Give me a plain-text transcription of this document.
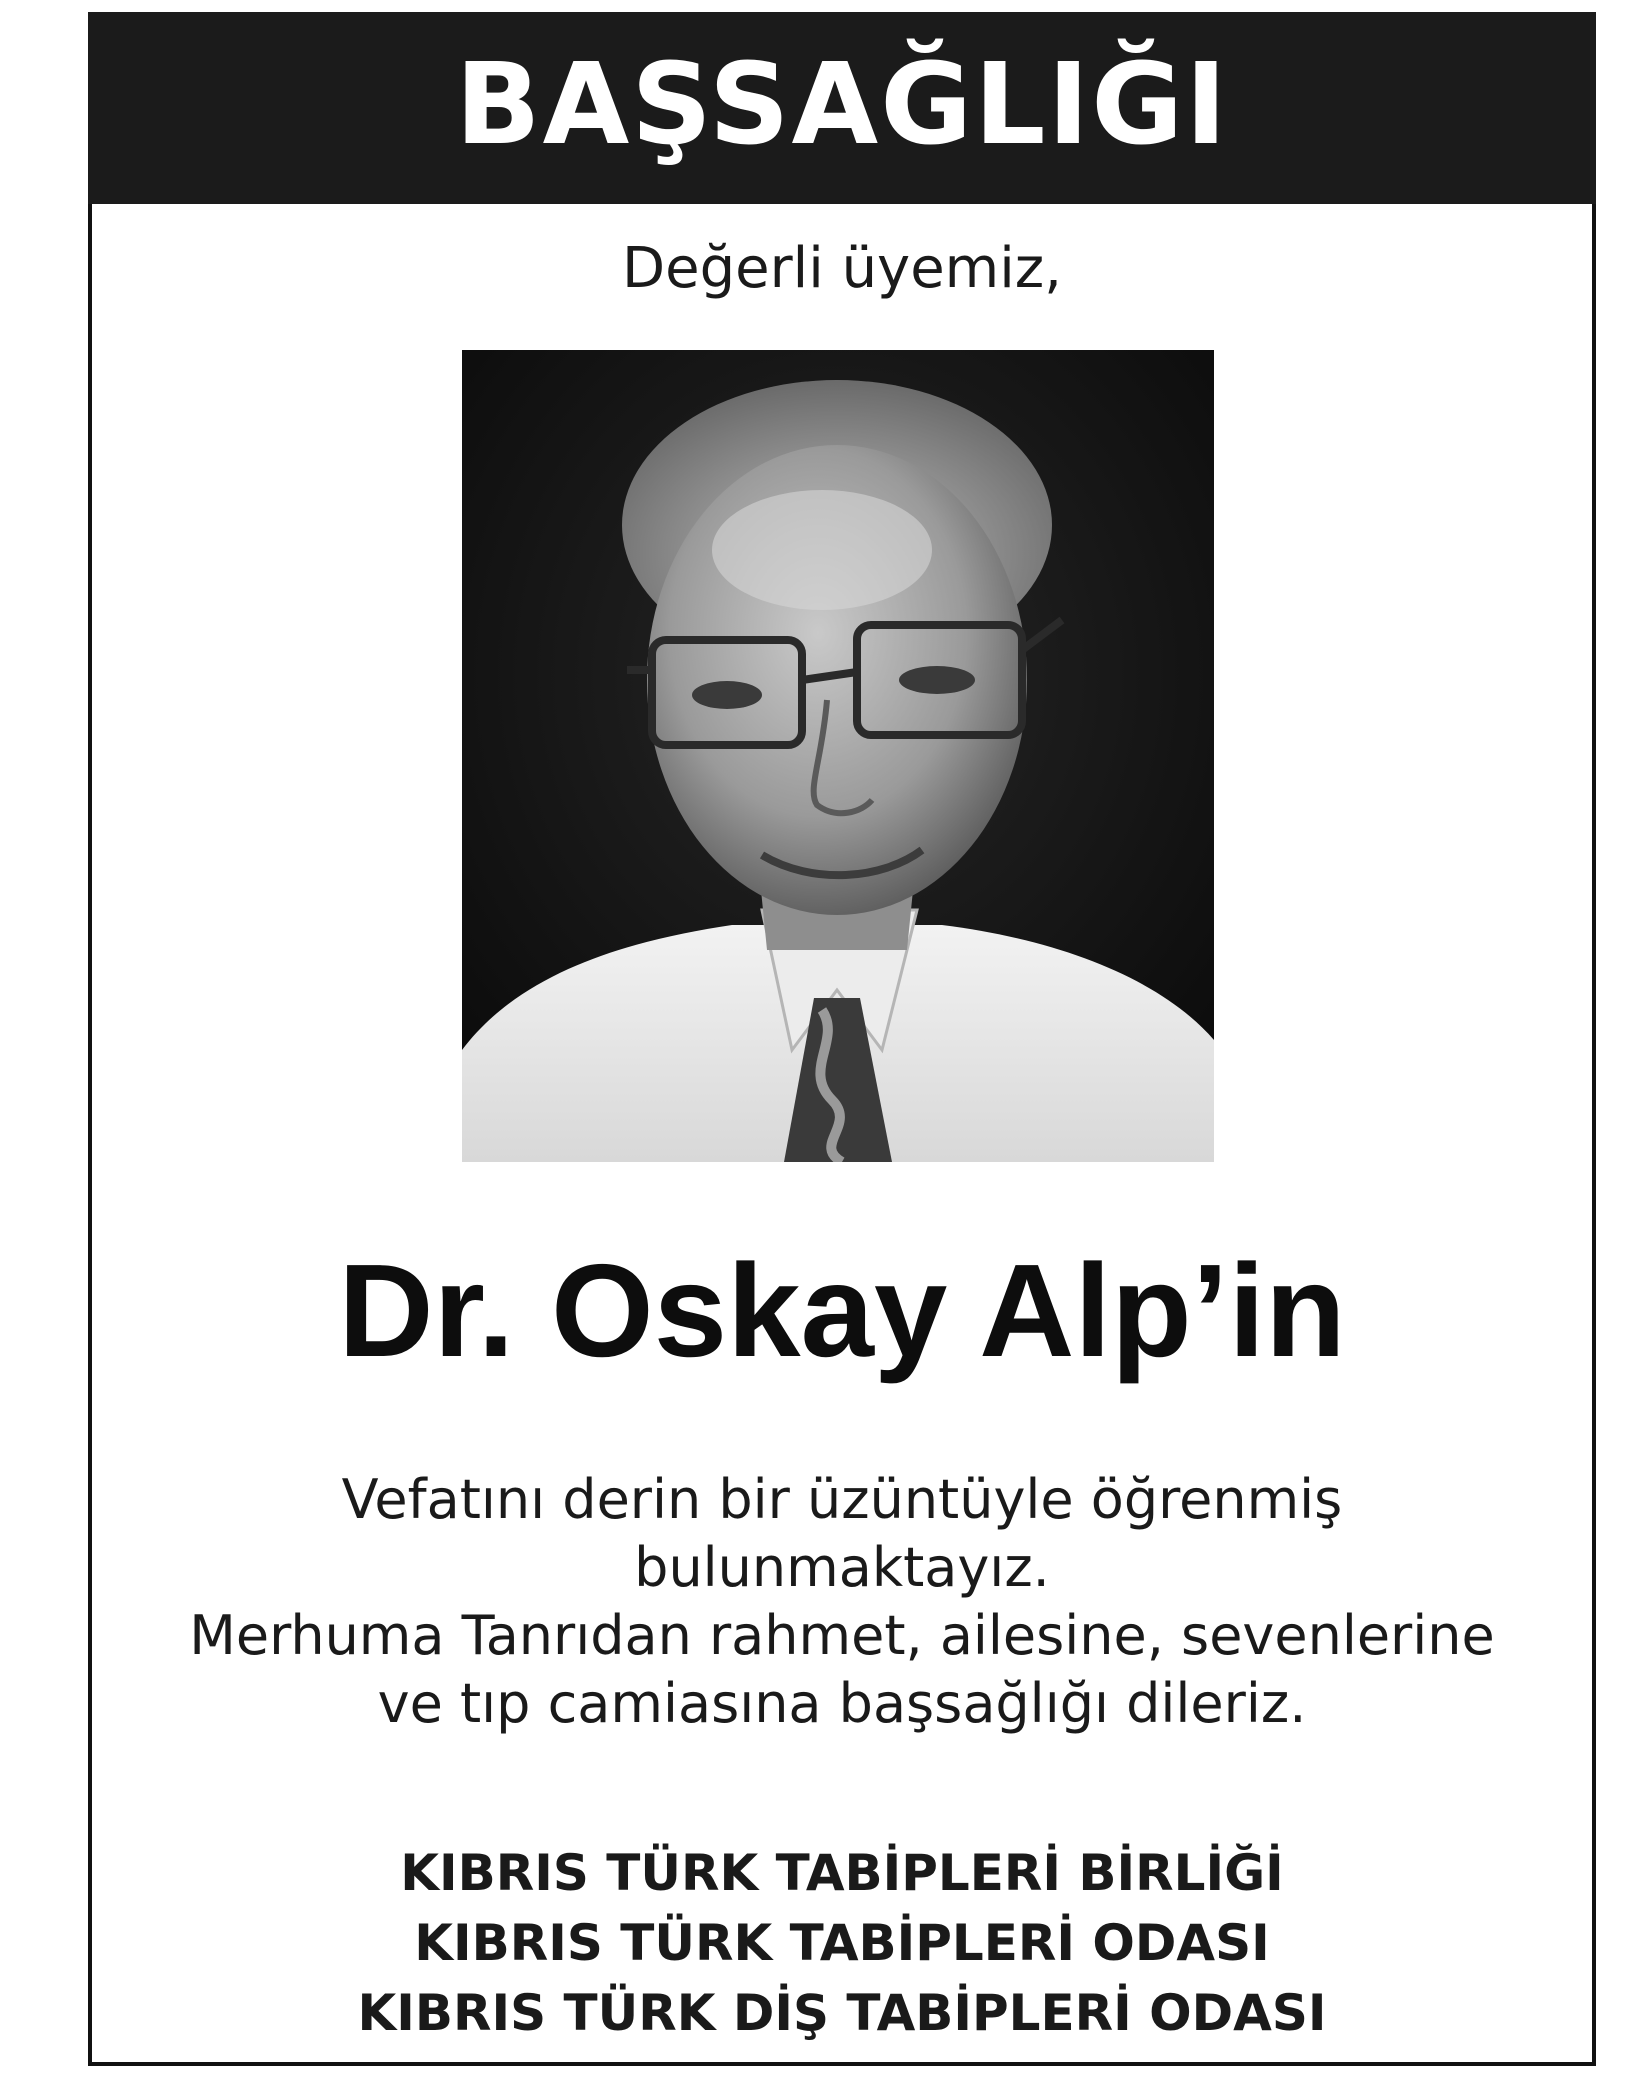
BAŞSAĞLIĞI
Değerli üyemiz,
Dr. Oskay Alp’in
Vefatını derin bir üzüntüyle öğrenmiş
bulunmaktayız.
Merhuma Tanrıdan rahmet, ailesine, sevenlerine
ve tıp camiasına başsağlığı dileriz.
KIBRIS TÜRK TABİPLERİ BİRLİĞİ
KIBRIS TÜRK TABİPLERİ ODASI
KIBRIS TÜRK DİŞ TABİPLERİ ODASI
